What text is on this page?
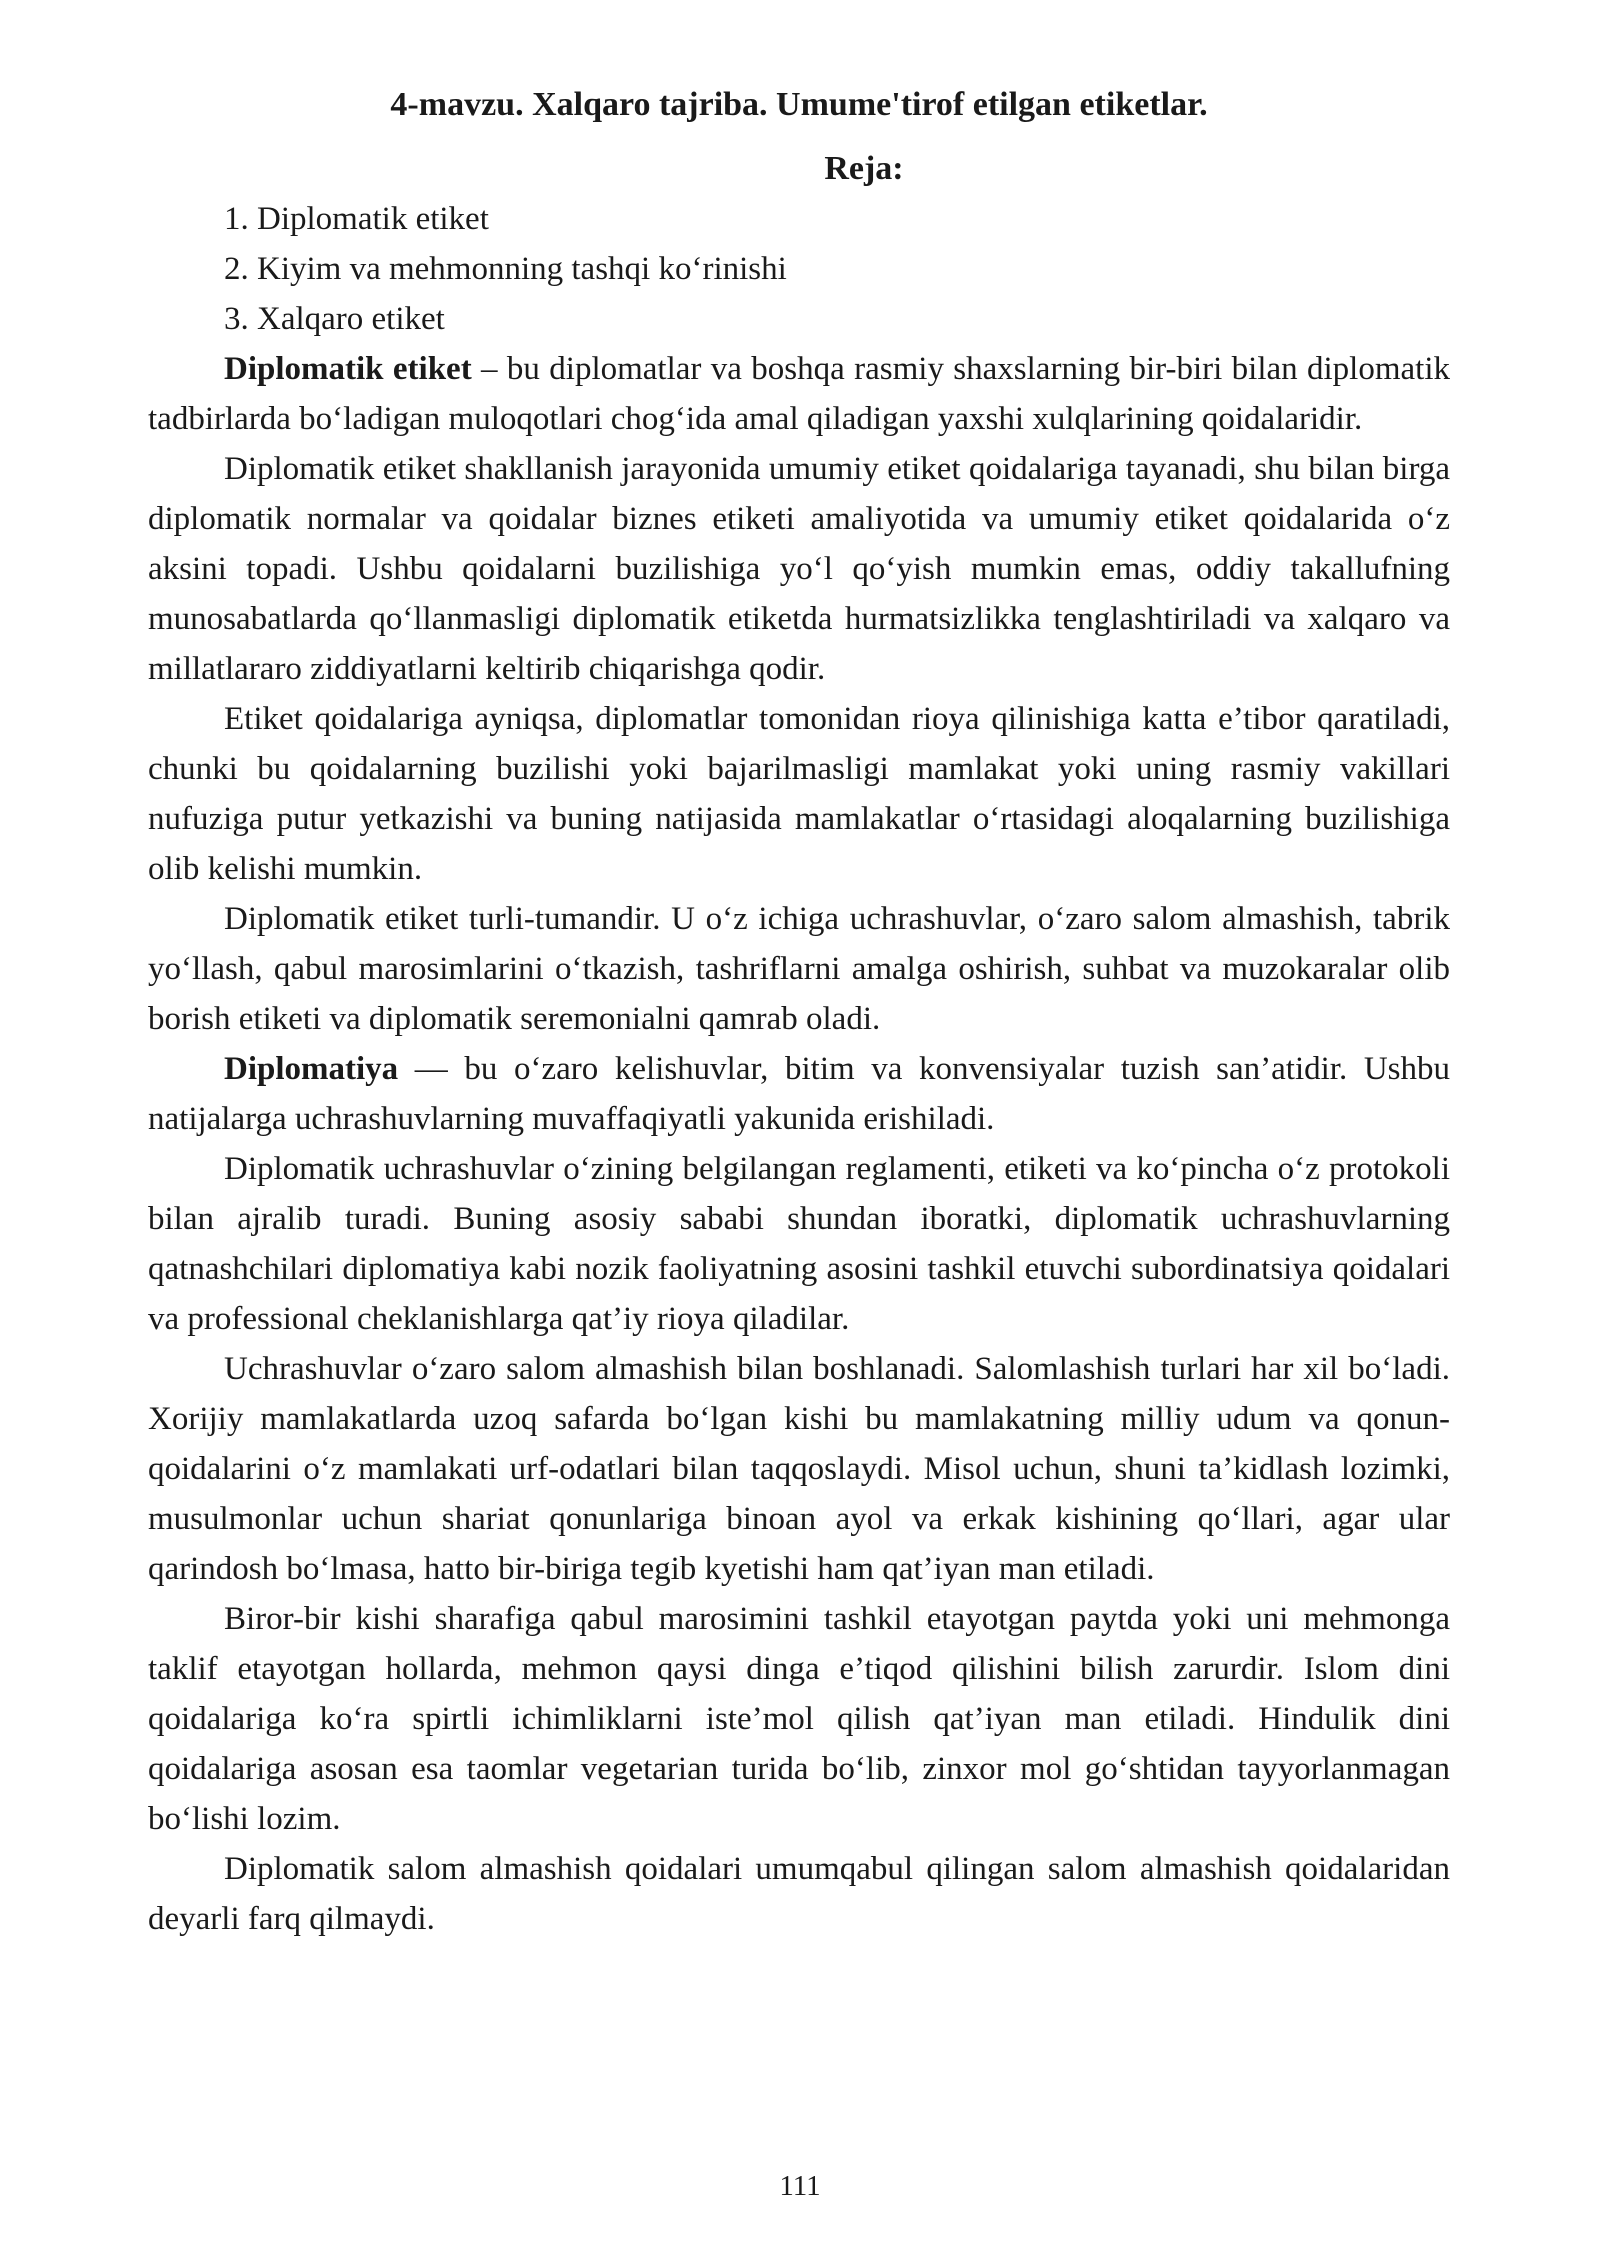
4-mavzu. Xalqaro tajriba. Umume'tirof etilgan etiketlar.
Reja:
1. Diplomatik etiket
2. Kiyim va mehmonning tashqi ko‘rinishi
3. Xalqaro etiket

Diplomatik etiket – bu diplomatlar va boshqa rasmiy shaxslarning bir-biri bilan diplomatik tadbirlarda bo‘ladigan muloqotlari chog‘ida amal qiladigan yaxshi xulqlarining qoidalaridir.

Diplomatik etiket shakllanish jarayonida umumiy etiket qoidalariga tayanadi, shu bilan birga diplomatik normalar va qoidalar biznes etiketi amaliyotida va umumiy etiket qoidalarida o‘z aksini topadi. Ushbu qoidalarni buzilishiga yo‘l qo‘yish mumkin emas, oddiy takallufning munosabatlarda qo‘llanmasligi diplomatik etiketda hurmatsizlikka tenglashtiriladi va xalqaro va millatlararo ziddiyatlarni keltirib chiqarishga qodir.

Etiket qoidalariga ayniqsa, diplomatlar tomonidan rioya qilinishiga katta e’tibor qaratiladi, chunki bu qoidalarning buzilishi yoki bajarilmasligi mamlakat yoki uning rasmiy vakillari nufuziga putur yetkazishi va buning natijasida mamlakatlar o‘rtasidagi aloqalarning buzilishiga olib kelishi mumkin.

Diplomatik etiket turli-tumandir. U o‘z ichiga uchrashuvlar, o‘zaro salom almashish, tabrik yo‘llash, qabul marosimlarini o‘tkazish, tashriflarni amalga oshirish, suhbat va muzokaralar olib borish etiketi va diplomatik seremonialni qamrab oladi.

Diplomatiya — bu o‘zaro kelishuvlar, bitim va konvensiyalar tuzish san’atidir. Ushbu natijalarga uchrashuvlarning muvaffaqiyatli yakunida erishiladi.

Diplomatik uchrashuvlar o‘zining belgilangan reglamenti, etiketi va ko‘pincha o‘z protokoli bilan ajralib turadi. Buning asosiy sababi shundan iboratki, diplomatik uchrashuvlarning qatnashchilari diplomatiya kabi nozik faoliyatning asosini tashkil etuvchi subordinatsiya qoidalari va professional cheklanishlarga qat’iy rioya qiladilar.

Uchrashuvlar o‘zaro salom almashish bilan boshlanadi. Salomlashish turlari har xil bo‘ladi. Xorijiy mamlakatlarda uzoq safarda bo‘lgan kishi bu mamlakatning milliy udum va qonun-qoidalarini o‘z mamlakati urf-odatlari bilan taqqoslaydi. Misol uchun, shuni ta’kidlash lozimki, musulmonlar uchun shariat qonunlariga binoan ayol va erkak kishining qo‘llari, agar ular qarindosh bo‘lmasa, hatto bir-biriga tegib kyetishi ham qat’iyan man etiladi.

Biror-bir kishi sharafiga qabul marosimini tashkil etayotgan paytda yoki uni mehmonga taklif etayotgan hollarda, mehmon qaysi dinga e’tiqod qilishini bilish zarurdir. Islom dini qoidalariga ko‘ra spirtli ichimliklarni iste’mol qilish qat’iyan man etiladi. Hindulik dini qoidalariga asosan esa taomlar vegetarian turida bo‘lib, zinxor mol go‘shtidan tayyorlanmagan bo‘lishi lozim.

Diplomatik salom almashish qoidalari umumqabul qilingan salom almashish qoidalaridan deyarli farq qilmaydi.

111
